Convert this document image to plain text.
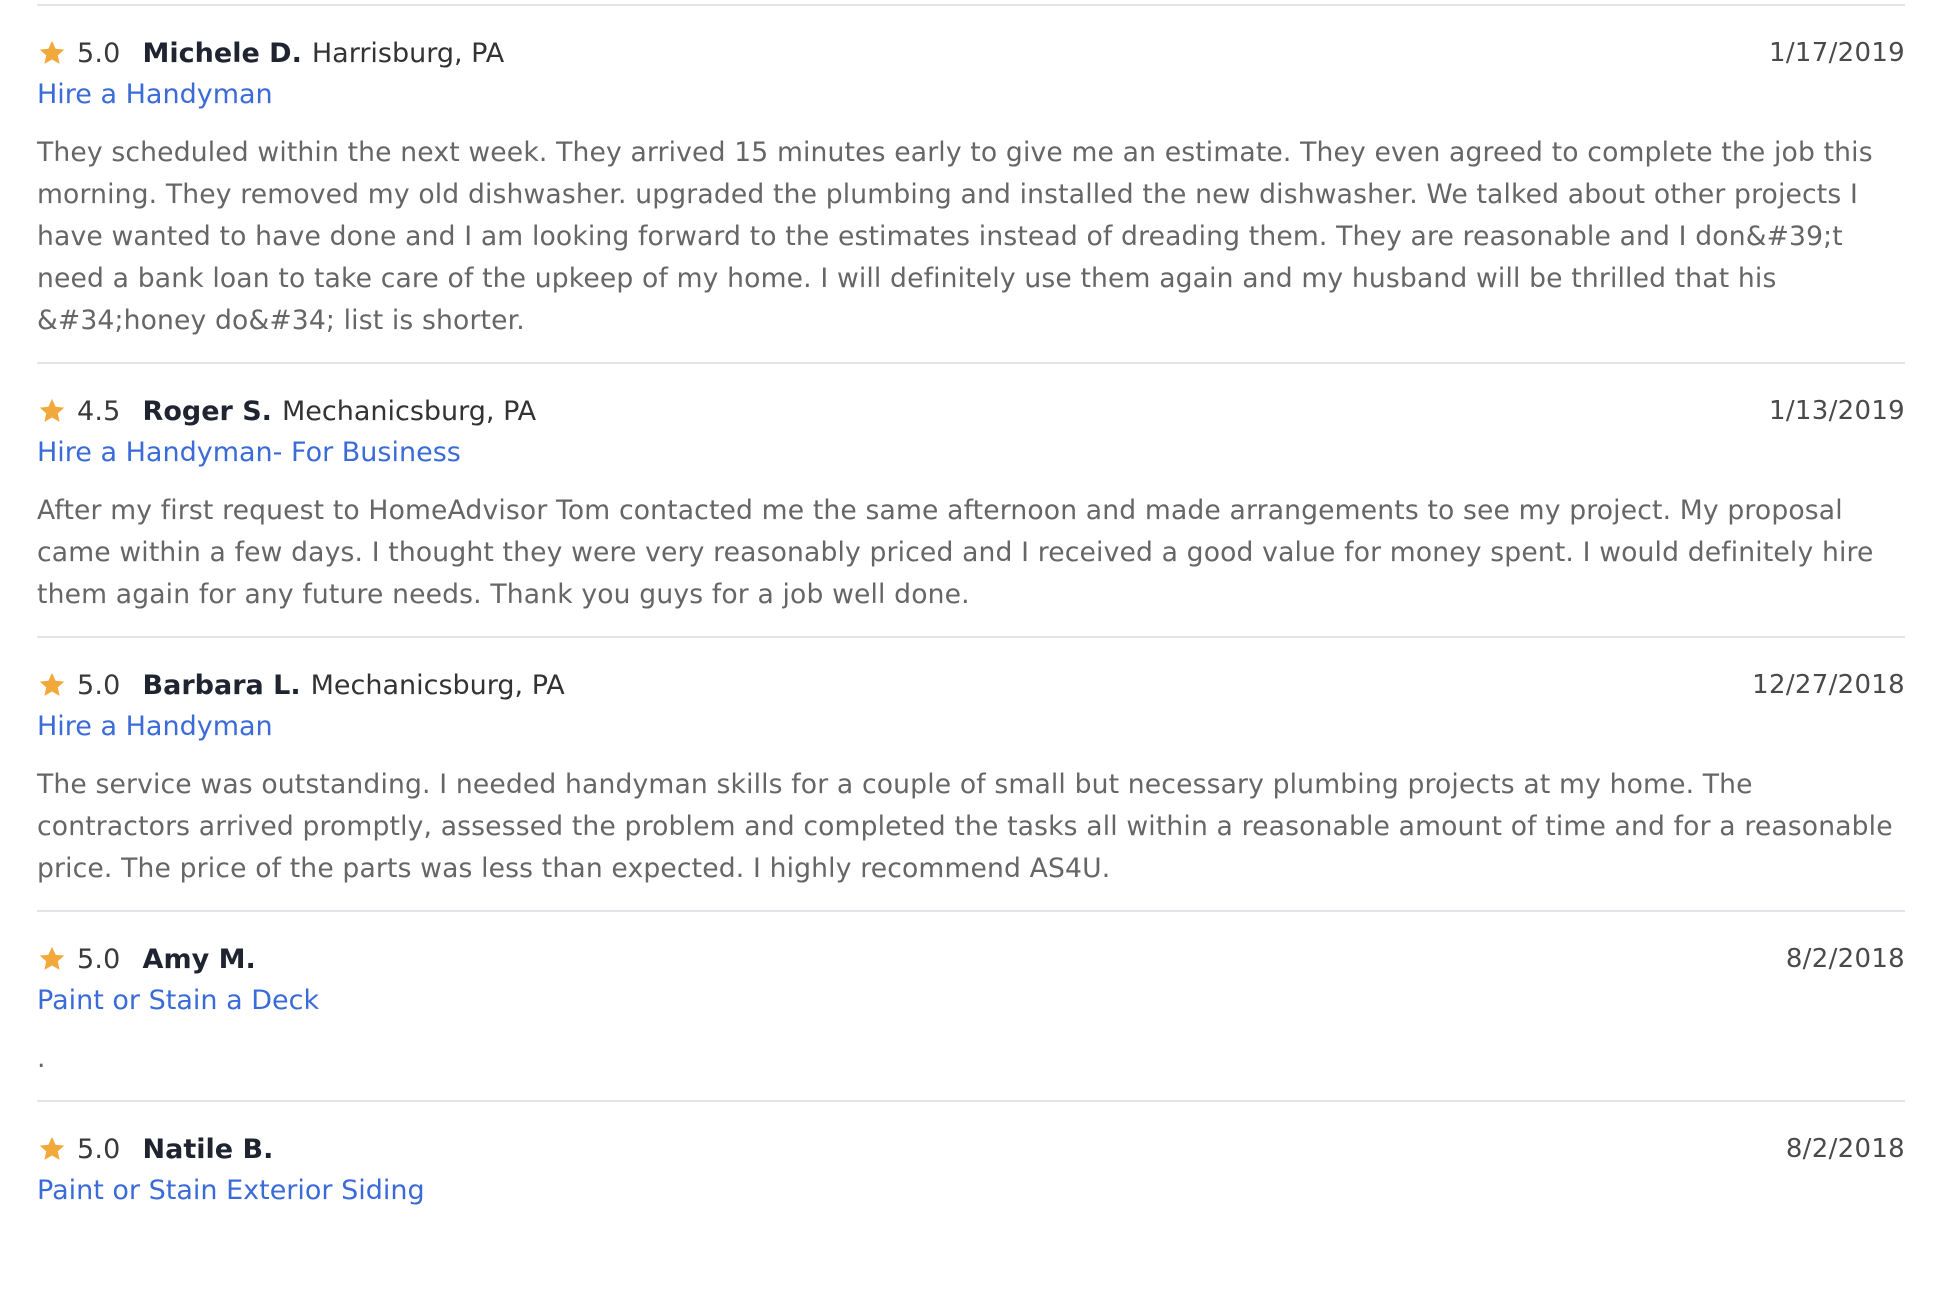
5.0 Michele D. Harrisburg, PA	1/17/2019
Hire a Handyman

They scheduled within the next week. They arrived 15 minutes early to give me an estimate. They even agreed to complete the job this morning. They removed my old dishwasher. upgraded the plumbing and installed the new dishwasher. We talked about other projects I have wanted to have done and I am looking forward to the estimates instead of dreading them. They are reasonable and I don&#39;t need a bank loan to take care of the upkeep of my home. I will definitely use them again and my husband will be thrilled that his &#34;honey do&#34; list is shorter.

4.5 Roger S. Mechanicsburg, PA	1/13/2019
Hire a Handyman- For Business

After my first request to HomeAdvisor Tom contacted me the same afternoon and made arrangements to see my project. My proposal came within a few days. I thought they were very reasonably priced and I received a good value for money spent. I would definitely hire them again for any future needs. Thank you guys for a job well done.

5.0 Barbara L. Mechanicsburg, PA	12/27/2018
Hire a Handyman

The service was outstanding. I needed handyman skills for a couple of small but necessary plumbing projects at my home. The contractors arrived promptly, assessed the problem and completed the tasks all within a reasonable amount of time and for a reasonable price. The price of the parts was less than expected. I highly recommend AS4U.

5.0 Amy M.	8/2/2018
Paint or Stain a Deck

.

5.0 Natile B.	8/2/2018
Paint or Stain Exterior Siding
